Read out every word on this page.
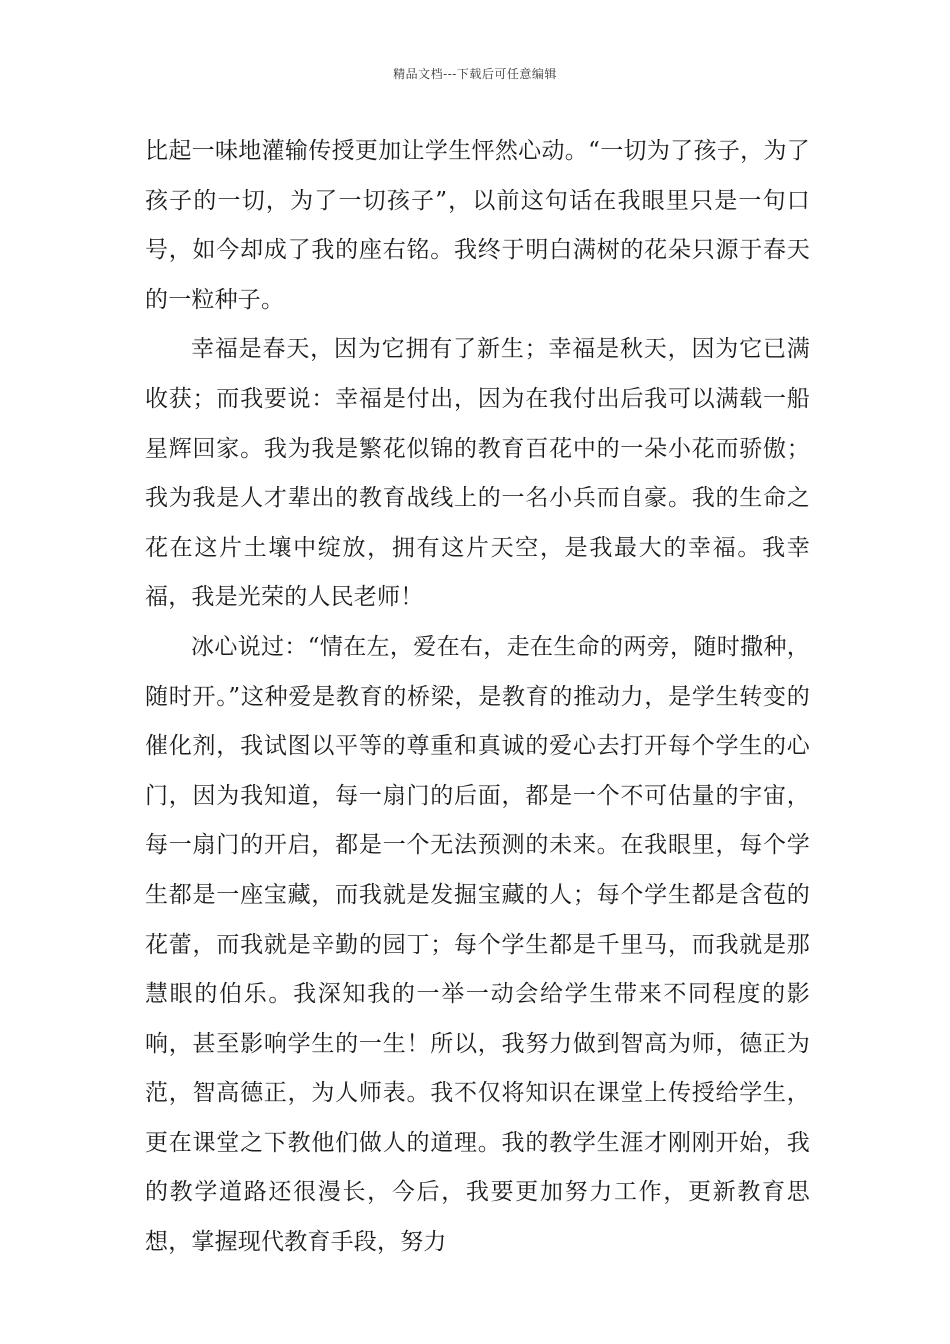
精品文档---下载后可任意编辑

比起一味地灌输传授更加让学生怦然心动。“一切为了孩子，为了孩子的一切，为了一切孩子”，以前这句话在我眼里只是一句口号，如今却成了我的座右铭。我终于明白满树的花朵只源于春天的一粒种子。

幸福是春天，因为它拥有了新生；幸福是秋天，因为它已满收获；而我要说：幸福是付出，因为在我付出后我可以满载一船星辉回家。我为我是繁花似锦的教育百花中的一朵小花而骄傲；我为我是人才辈出的教育战线上的一名小兵而自豪。我的生命之花在这片土壤中绽放，拥有这片天空，是我最大的幸福。我幸福，我是光荣的人民老师！

冰心说过：“情在左，爱在右，走在生命的两旁，随时撒种，随时开。”这种爱是教育的桥梁，是教育的推动力，是学生转变的催化剂，我试图以平等的尊重和真诚的爱心去打开每个学生的心门，因为我知道，每一扇门的后面，都是一个不可估量的宇宙，每一扇门的开启，都是一个无法预测的未来。在我眼里，每个学生都是一座宝藏，而我就是发掘宝藏的人；每个学生都是含苞的花蕾，而我就是辛勤的园丁；每个学生都是千里马，而我就是那慧眼的伯乐。我深知我的一举一动会给学生带来不同程度的影响，甚至影响学生的一生！所以，我努力做到智高为师，德正为范，智高德正，为人师表。我不仅将知识在课堂上传授给学生，更在课堂之下教他们做人的道理。我的教学生涯才刚刚开始，我的教学道路还很漫长，今后，我要更加努力工作，更新教育思想，掌握现代教育手段，努力
